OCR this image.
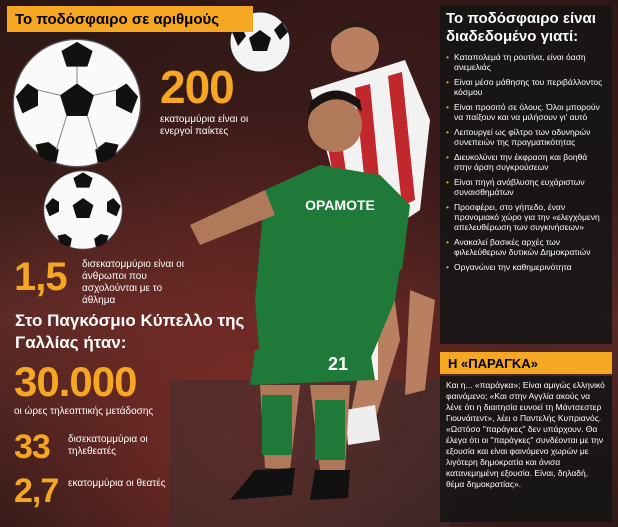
OPAMOTE
21
Το ποδόσφαιρο σε αριθμούς
200
εκατομμύρια είναι οι ενεργοί παίκτες
1,5 δισεκατομμύριο είναι οι άνθρωποι που ασχολούνται με το άθλημα
Στο Παγκόσμιο Κύπελλο της Γαλλίας ήταν:
30.000
οι ώρες τηλεοπτικής μετάδοσης
33 δισεκατομμύρια οι τηλεθεατές
2,7 εκατομμύρια οι θεατές
Το ποδόσφαιρο είναι διαδεδομένο γιατί:
• Καταπολεμά τη ρουτίνα, είναι όαση ανεμελιάς
• Είναι μέσο μάθησης του περιβάλλοντος κόσμου
• Είναι προσιτό σε όλους. Όλοι μπορούν να παίξουν και να μιλήσουν γι' αυτό
• Λειτουργεί ως φίλτρο των οδυνηρών συνεπειών της πραγματικότητας
• Διευκολύνει την έκφραση και βοηθά στην άρση συγκρούσεων
• Είναι πηγή ανάβλυσης ευχάριστων συναισθημάτων
• Προσφέρει, στο γήπεδο, έναν προνομιακό χώρο για την «ελεγχόμενη απελευθέρωση των συγκινήσεων»
• Ανακαλεί βασικές αρχές των φιλελεύθερων δυτικών Δημοκρατιών
• Οργανώνει την καθημερινότητα
Η «ΠΑΡΑΓΚΑ»
Και η... «παράγκα»; Είναι αμιγώς ελληνικό φαινόμενο; «Και στην Αγγλία ακούς να λένε ότι η διαιτησία ευνοεί τη Μάντσεστερ Γιουνάιτεντ», λέει ο Παντελής Κυπριανός. «Ωστόσο "παράγκες" δεν υπάρχουν. Θα έλεγα ότι οι "παράγκες" συνδέονται με την εξουσία και είναι φαινόμενο χωρών με λιγότερη δημοκρατία και άνισα κατανεμημένη εξουσία. Είναι, δηλαδή, θέμα δημοκρατίας».
